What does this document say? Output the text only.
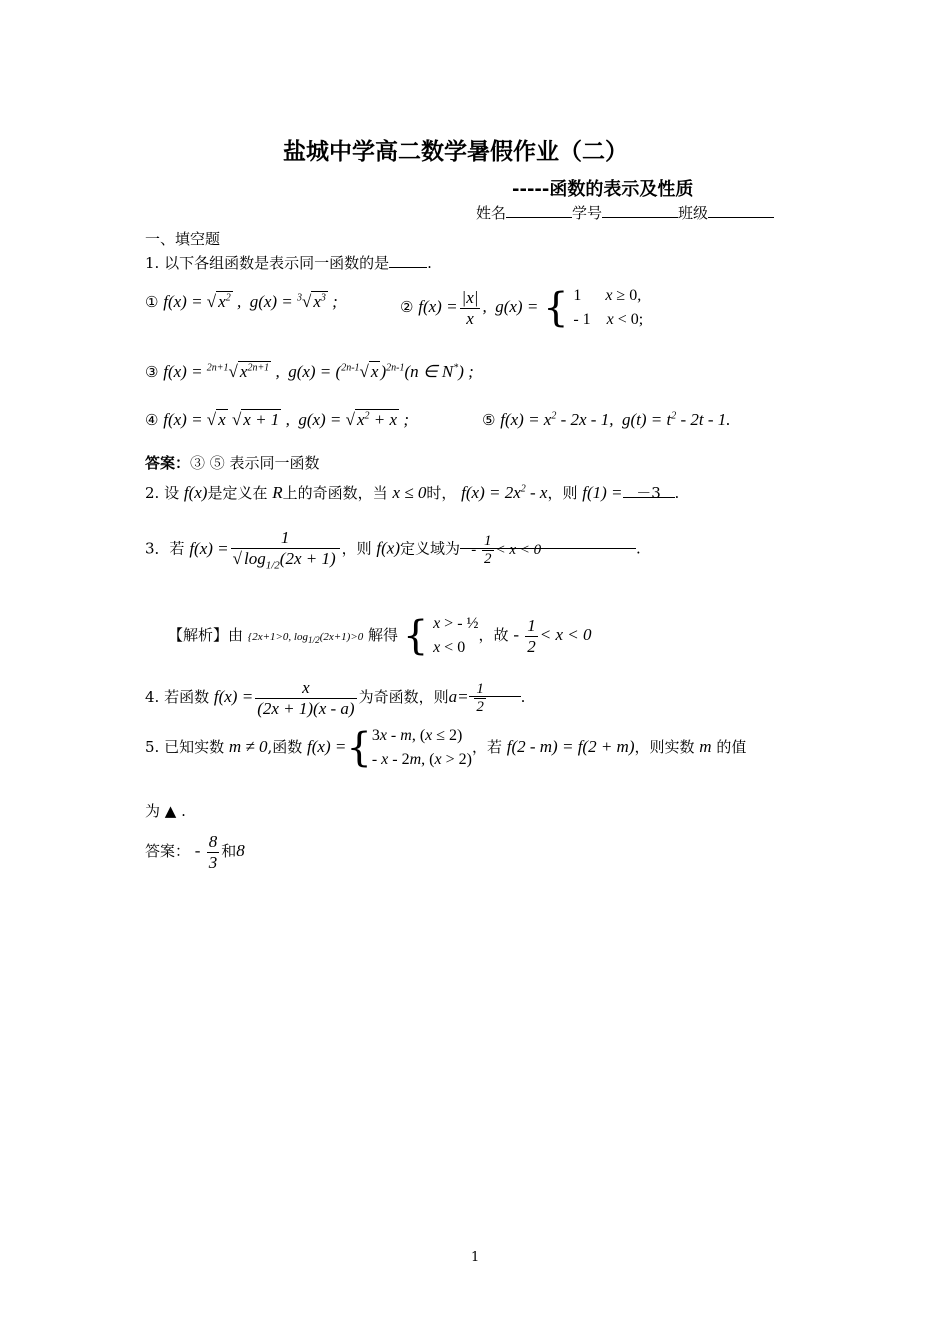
盐城中学高二数学暑假作业（二）
-----函数的表示及性质
姓名	学号	班级
一、填空题
1. 以下各组函数是表示同一函数的是	.
① f(x) = √ $x^2$ ,  g(x) = $^3$√ $x^3$ ;	② $f(x) = \frac{|x|}{x}$ ,  g(x) = { 1      x ≥ 0,
- 1    x < 0;
③ f(x) = $^{2n+1}$√ $x^{2n+1}$ ,  g(x) = ($^{2n-1}$√ x )$^{2n-1}$(n ∈ N*) ;
④ f(x) = √ x √ x + 1 ,  g(x) = √ $x^2 + x$ ;	⑤ $f(x) = x^2 - 2x - 1$,  $g(t) = t^2 - 2t - 1$.
答案：③ ⑤ 表示同一函数
2. 设 f(x)是定义在 R上的奇函数，当 x ≤ 0时， $f(x) = 2x^2 - x$，则 f(1) = －3 .
3．若 $f(x) = \frac{1}{√ \log_{1/2}(2x + 1)}$ ，则 f(x)定义域为   - $\frac{1}{2} < x < 0$	.
【解析】由 {2x+1>0, $\log_{1/2}(2x+1)>0$ 解得 { x > - ½
x < 0
，故 - $\frac{1}{2} < x < 0$
4. 若函数 $f(x) = \frac{x}{(2x + 1)(x - a)}$ 为奇函数，则$a= \frac{1}{2}$ .
5. 已知实数 m ≠ 0,函数 f(x) ={ 3x - m, (x ≤ 2)
- x - 2m, (x > 2)
，若 f(2 - m) = f(2 + m)，则实数 m 的值
为 ▲ .
答案： - $\frac{8}{3}$ 和8
1
